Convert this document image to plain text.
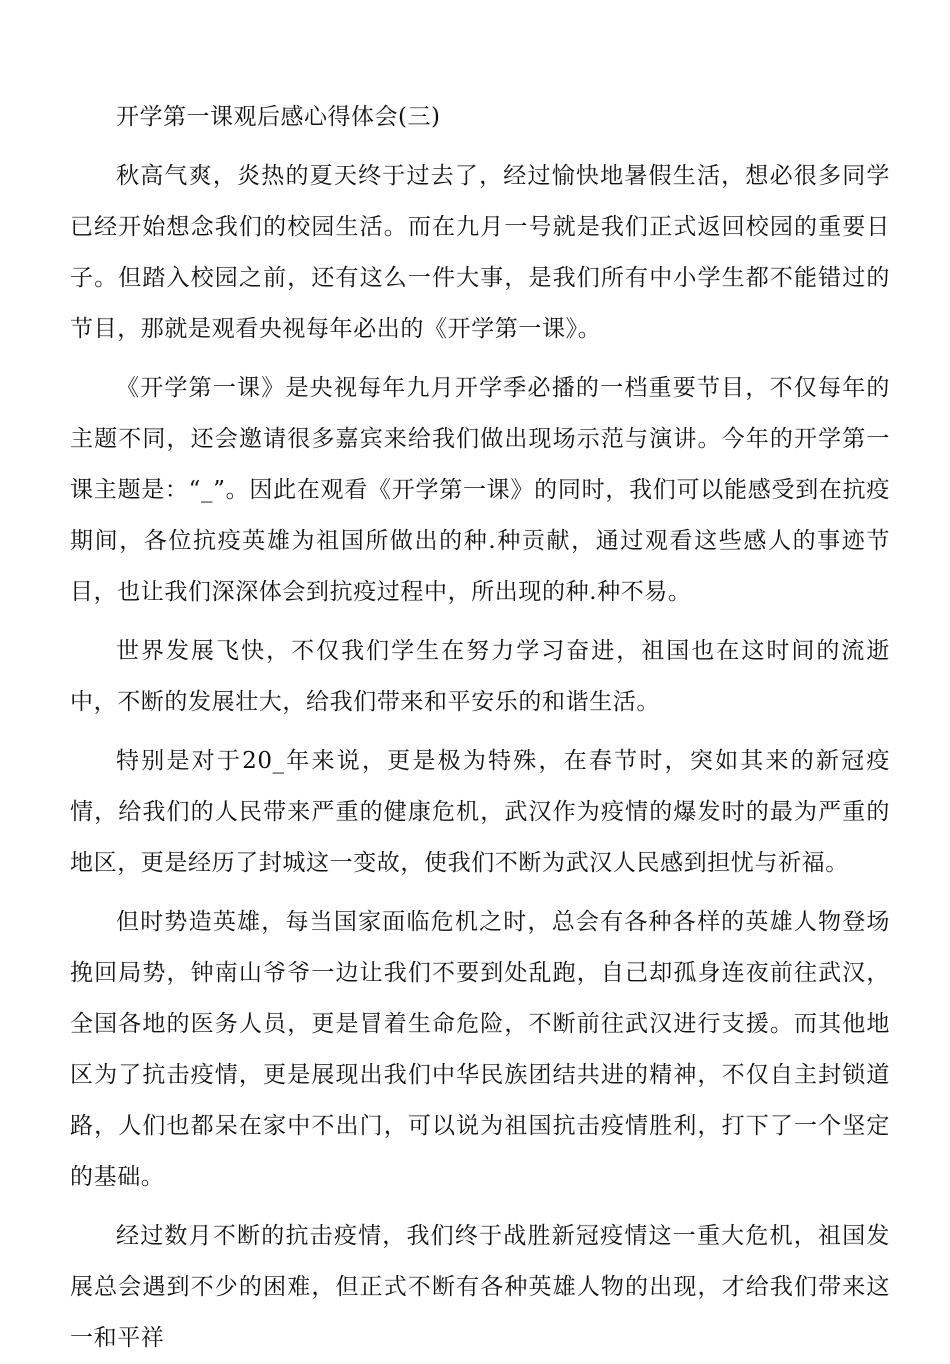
开学第一课观后感心得体会(三)

秋高气爽，炎热的夏天终于过去了，经过愉快地暑假生活，想必很多同学已经开始想念我们的校园生活。而在九月一号就是我们正式返回校园的重要日子。但踏入校园之前，还有这么一件大事，是我们所有中小学生都不能错过的节目，那就是观看央视每年必出的《开学第一课》。

《开学第一课》是央视每年九月开学季必播的一档重要节目，不仅每年的主题不同，还会邀请很多嘉宾来给我们做出现场示范与演讲。今年的开学第一课主题是：“_”。因此在观看《开学第一课》的同时，我们可以能感受到在抗疫期间，各位抗疫英雄为祖国所做出的种.种贡献，通过观看这些感人的事迹节目，也让我们深深体会到抗疫过程中，所出现的种.种不易。

世界发展飞快，不仅我们学生在努力学习奋进，祖国也在这时间的流逝中，不断的发展壮大，给我们带来和平安乐的和谐生活。

特别是对于20_年来说，更是极为特殊，在春节时，突如其来的新冠疫情，给我们的人民带来严重的健康危机，武汉作为疫情的爆发时的最为严重的地区，更是经历了封城这一变故，使我们不断为武汉人民感到担忧与祈福。

但时势造英雄，每当国家面临危机之时，总会有各种各样的英雄人物登场挽回局势，钟南山爷爷一边让我们不要到处乱跑，自己却孤身连夜前往武汉，全国各地的医务人员，更是冒着生命危险，不断前往武汉进行支援。而其他地区为了抗击疫情，更是展现出我们中华民族团结共进的精神，不仅自主封锁道路，人们也都呆在家中不出门，可以说为祖国抗击疫情胜利，打下了一个坚定的基础。

经过数月不断的抗击疫情，我们终于战胜新冠疫情这一重大危机，祖国发展总会遇到不少的困难，但正式不断有各种英雄人物的出现，才给我们带来这一和平祥
